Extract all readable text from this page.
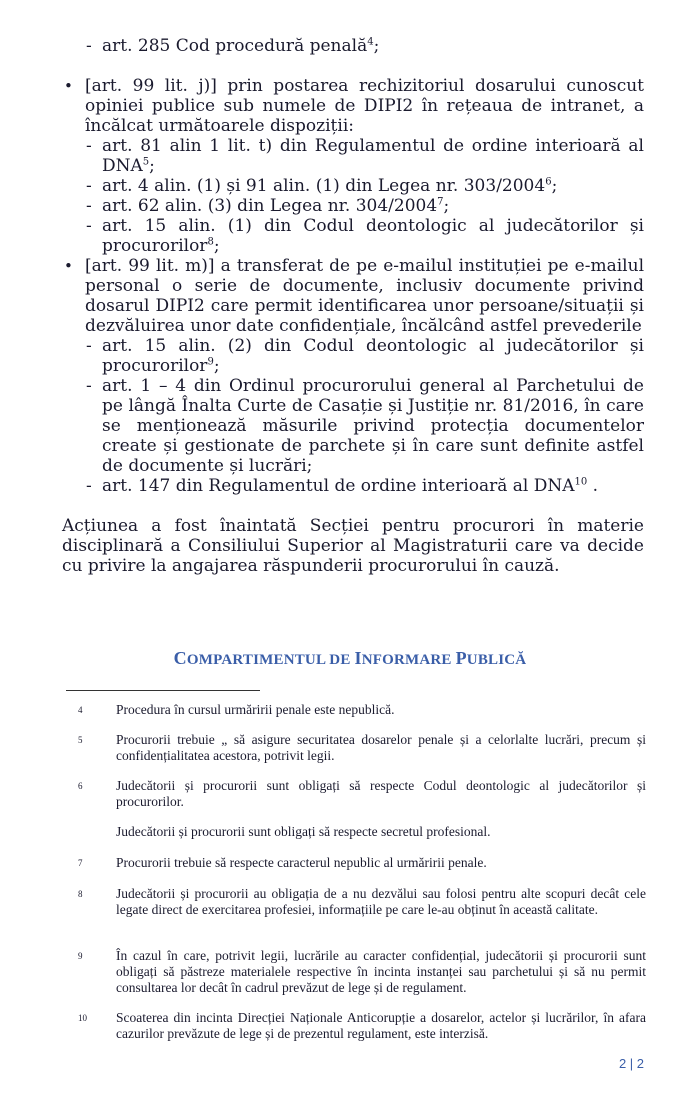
- art. 285 Cod procedură penală$^4$;

• [art. 99 lit. j)] prin postarea rechizitoriul dosarului cunoscut opiniei publice sub numele de DIPI2 în rețeaua de intranet, a încălcat următoarele dispoziții:

- art. 81 alin 1 lit. t) din Regulamentul de ordine interioară al DNA$^5$;

- art. 4 alin. (1) și 91 alin. (1) din Legea nr. 303/2004$^6$;

- art. 62 alin. (3) din Legea nr. 304/2004$^7$;

- art. 15 alin. (1) din Codul deontologic al judecătorilor și procurorilor$^8$;

• [art. 99 lit. m)] a transferat de pe e-mailul instituției pe e-mailul personal o serie de documente, inclusiv documente privind dosarul DIPI2 care permit identificarea unor persoane/situații și dezvăluirea unor date confidențiale, încălcând astfel prevederile

- art. 15 alin. (2) din Codul deontologic al judecătorilor și procurorilor$^9$;

- art. 1 – 4 din Ordinul procurorului general al Parchetului de pe lângă Înalta Curte de Casație și Justiție nr. 81/2016, în care se menționează măsurile privind protecția documentelor create și gestionate de parchete și în care sunt definite astfel de documente și lucrări;

- art. 147 din Regulamentul de ordine interioară al DNA$^{10}$ .

Acțiunea a fost înaintată Secției pentru procurori în materie disciplinară a Consiliului Superior al Magistraturii care va decide cu privire la angajarea răspunderii procurorului în cauză.

COMPARTIMENTUL DE INFORMARE PUBLICĂ
4 Procedura în cursul urmăririi penale este nepublică.
5 Procurorii trebuie „ să asigure securitatea dosarelor penale și a celorlalte lucrări, precum și confidențialitatea acestora, potrivit legii.
6 Judecătorii și procurorii sunt obligați să respecte Codul deontologic al judecătorilor și procurorilor.
Judecătorii și procurorii sunt obligați să respecte secretul profesional.
7 Procurorii trebuie să respecte caracterul nepublic al urmăririi penale.
8 Judecătorii și procurorii au obligația de a nu dezvălui sau folosi pentru alte scopuri decât cele legate direct de exercitarea profesiei, informațiile pe care le-au obținut în această calitate.
9 În cazul în care, potrivit legii, lucrările au caracter confidențial, judecătorii și procurorii sunt obligați să păstreze materialele respective în incinta instanței sau parchetului și să nu permit consultarea lor decât în cadrul prevăzut de lege și de regulament.
10 Scoaterea din incinta Direcției Naționale Anticorupție a dosarelor, actelor și lucrărilor, în afara cazurilor prevăzute de lege și de prezentul regulament, este interzisă.
2 | 2
